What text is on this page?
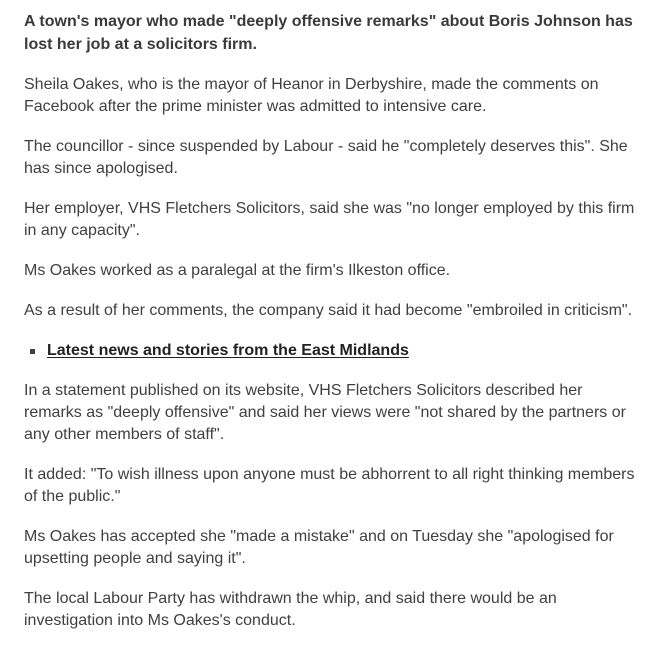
A town's mayor who made "deeply offensive remarks" about Boris Johnson has lost her job at a solicitors firm.

Sheila Oakes, who is the mayor of Heanor in Derbyshire, made the comments on Facebook after the prime minister was admitted to intensive care.

The councillor - since suspended by Labour - said he "completely deserves this". She has since apologised.

Her employer, VHS Fletchers Solicitors, said she was "no longer employed by this firm in any capacity".

Ms Oakes worked as a paralegal at the firm's Ilkeston office.

As a result of her comments, the company said it had become "embroiled in criticism".

Latest news and stories from the East Midlands

In a statement published on its website, VHS Fletchers Solicitors described her remarks as "deeply offensive" and said her views were "not shared by the partners or any other members of staff".

It added: "To wish illness upon anyone must be abhorrent to all right thinking members of the public."

Ms Oakes has accepted she "made a mistake" and on Tuesday she "apologised for upsetting people and saying it".

The local Labour Party has withdrawn the whip, and said there would be an investigation into Ms Oakes's conduct.
